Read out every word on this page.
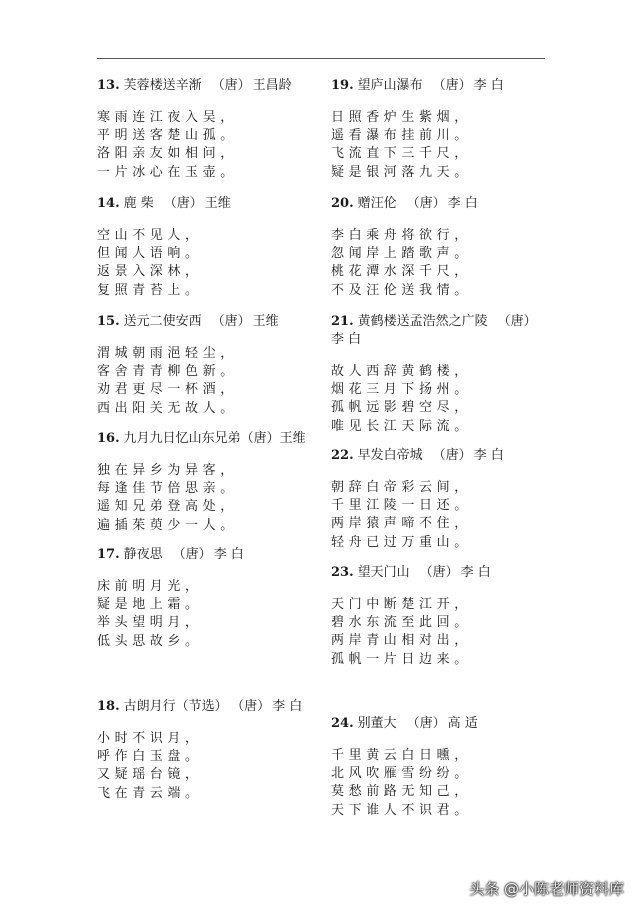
13. 芙蓉楼送辛渐 （唐） 王昌龄

寒雨连江夜入吴，

平明送客楚山孤。

洛阳亲友如相问，

一片冰心在玉壶。

14. 鹿 柴 （唐） 王维

空山不见人，

但闻人语响。

返景入深林，

复照青苔上。

15. 送元二使安西 （唐） 王维

渭城朝雨浥轻尘，

客舍青青柳色新。

劝君更尽一杯酒，

西出阳关无故人。

16. 九月九日忆山东兄弟（唐）王维

独在异乡为异客，

每逢佳节倍思亲。

遥知兄弟登高处，

遍插茱萸少一人。

17. 静夜思 （唐） 李 白

床前明月光，

疑是地上霜。

举头望明月，

低头思故乡。

18. 古朗月行（节选） （唐） 李 白

小时不识月，

呼作白玉盘。

又疑瑶台镜，

飞在青云端。

19. 望庐山瀑布 （唐） 李 白

日照香炉生紫烟，

遥看瀑布挂前川。

飞流直下三千尺，

疑是银河落九天。

20. 赠汪伦 （唐） 李 白

李白乘舟将欲行，

忽闻岸上踏歌声。

桃花潭水深千尺，

不及汪伦送我情。

21. 黄鹤楼送孟浩然之广陵 （唐）
李 白

故人西辞黄鹤楼，

烟花三月下扬州。

孤帆远影碧空尽，

唯见长江天际流。

22. 早发白帝城 （唐） 李 白

朝辞白帝彩云间，

千里江陵一日还。

两岸猿声啼不住，

轻舟已过万重山。

23. 望天门山 （唐） 李 白

天门中断楚江开，

碧水东流至此回。

两岸青山相对出，

孤帆一片日边来。

24. 别董大 （唐） 高 适

千里黄云白日曛，

北风吹雁雪纷纷。

莫愁前路无知己，

天下谁人不识君。

头条 @小陈老师资料库
